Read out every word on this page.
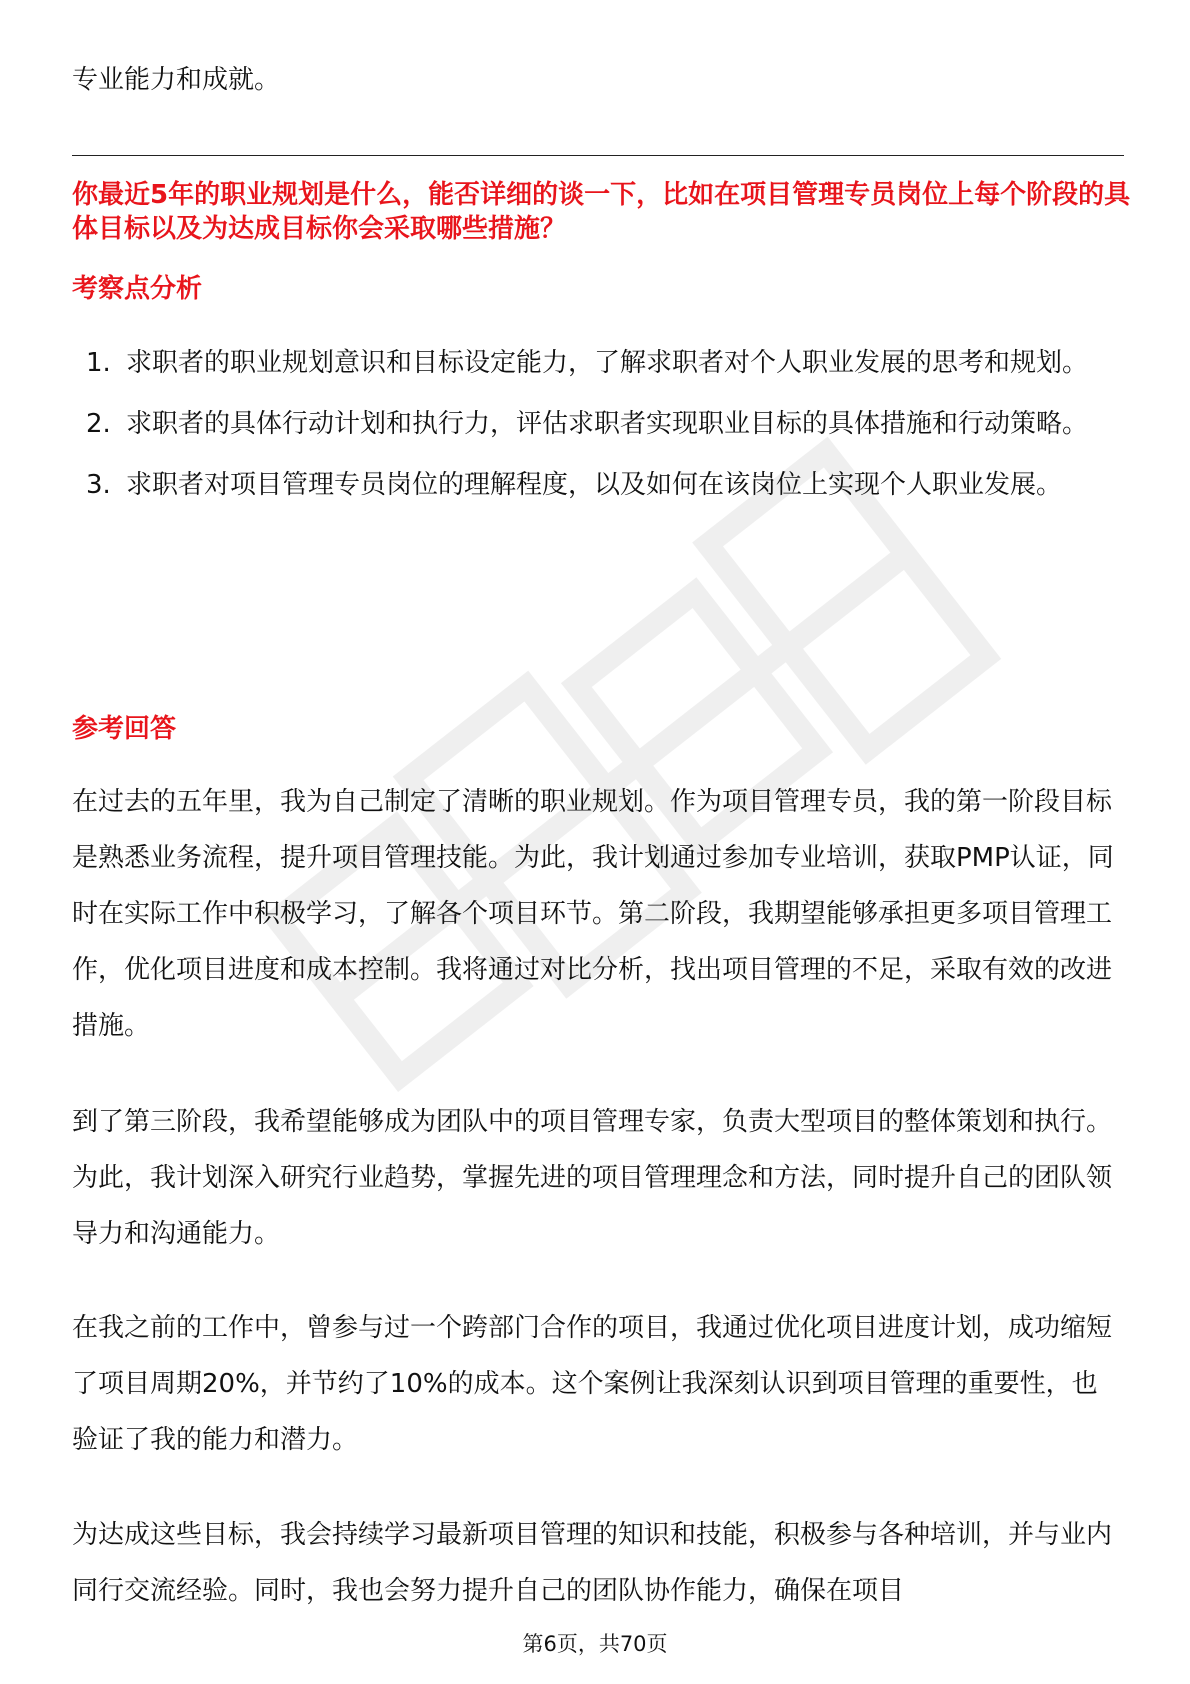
专业能力和成就。

你最近5年的职业规划是什么，能否详细的谈一下，比如在项目管理专员岗位上每个阶段的具体目标以及为达成目标你会采取哪些措施？

考察点分析
1. 求职者的职业规划意识和目标设定能力，了解求职者对个人职业发展的思考和规划。
2. 求职者的具体行动计划和执行力，评估求职者实现职业目标的具体措施和行动策略。
3. 求职者对项目管理专员岗位的理解程度，以及如何在该岗位上实现个人职业发展。
参考回答

在过去的五年里，我为自己制定了清晰的职业规划。作为项目管理专员，我的第一阶段目标是熟悉业务流程，提升项目管理技能。为此，我计划通过参加专业培训，获取PMP认证，同时在实际工作中积极学习，了解各个项目环节。第二阶段，我期望能够承担更多项目管理工作，优化项目进度和成本控制。我将通过对比分析，找出项目管理的不足，采取有效的改进措施。

到了第三阶段，我希望能够成为团队中的项目管理专家，负责大型项目的整体策划和执行。为此，我计划深入研究行业趋势，掌握先进的项目管理理念和方法，同时提升自己的团队领导力和沟通能力。

在我之前的工作中，曾参与过一个跨部门合作的项目，我通过优化项目进度计划，成功缩短了项目周期20%，并节约了10%的成本。这个案例让我深刻认识到项目管理的重要性，也验证了我的能力和潜力。

为达成这些目标，我会持续学习最新项目管理的知识和技能，积极参与各种培训，并与业内同行交流经验。同时，我也会努力提升自己的团队协作能力，确保在项目

第6页，共70页
